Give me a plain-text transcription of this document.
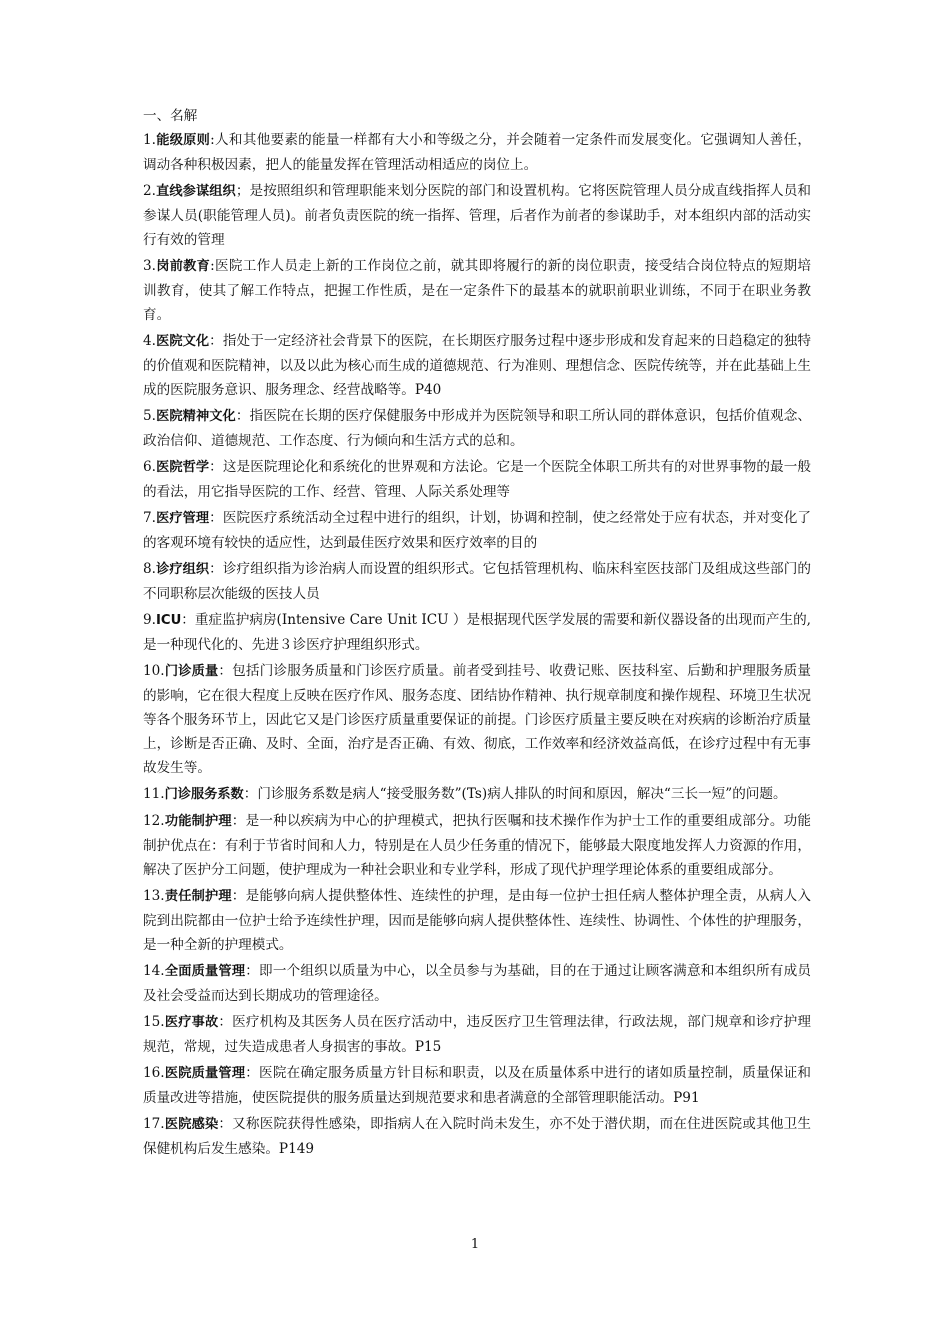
一、名解

1.能级原则:人和其他要素的能量一样都有大小和等级之分，并会随着一定条件而发展变化。它强调知人善任，调动各种积极因素，把人的能量发挥在管理活动相适应的岗位上。

2.直线参谋组织；是按照组织和管理职能来划分医院的部门和设置机构。它将医院管理人员分成直线指挥人员和参谋人员(职能管理人员)。前者负责医院的统一指挥、管理，后者作为前者的参谋助手，对本组织内部的活动实行有效的管理

3.岗前教育:医院工作人员走上新的工作岗位之前，就其即将履行的新的岗位职责，接受结合岗位特点的短期培训教育，使其了解工作特点，把握工作性质，是在一定条件下的最基本的就职前职业训练，不同于在职业务教育。

4.医院文化：指处于一定经济社会背景下的医院，在长期医疗服务过程中逐步形成和发育起来的日趋稳定的独特的价值观和医院精神，以及以此为核心而生成的道德规范、行为准则、理想信念、医院传统等，并在此基础上生成的医院服务意识、服务理念、经营战略等。P40

5.医院精神文化：指医院在长期的医疗保健服务中形成并为医院领导和职工所认同的群体意识，包括价值观念、政治信仰、道德规范、工作态度、行为倾向和生活方式的总和。

6.医院哲学：这是医院理论化和系统化的世界观和方法论。它是一个医院全体职工所共有的对世界事物的最一般的看法，用它指导医院的工作、经营、管理、人际关系处理等

7.医疗管理：医院医疗系统活动全过程中进行的组织，计划，协调和控制，使之经常处于应有状态，并对变化了的客观环境有较快的适应性，达到最佳医疗效果和医疗效率的目的

8.诊疗组织：诊疗组织指为诊治病人而设置的组织形式。它包括管理机构、临床科室医技部门及组成这些部门的不同职称层次能级的医技人员

9.ICU：重症监护病房(Intensive Care Unit ICU ）是根据现代医学发展的需要和新仪器设备的出现而产生的,是一种现代化的、先进３诊医疗护理组织形式。

10.门诊质量：包括门诊服务质量和门诊医疗质量。前者受到挂号、收费记账、医技科室、后勤和护理服务质量的影响，它在很大程度上反映在医疗作风、服务态度、团结协作精神、执行规章制度和操作规程、环境卫生状况等各个服务环节上，因此它又是门诊医疗质量重要保证的前提。门诊医疗质量主要反映在对疾病的诊断治疗质量上，诊断是否正确、及时、全面，治疗是否正确、有效、彻底，工作效率和经济效益高低，在诊疗过程中有无事故发生等。

11.门诊服务系数：门诊服务系数是病人“接受服务数”(Ts)病人排队的时间和原因，解决“三长一短”的问题。

12.功能制护理：是一种以疾病为中心的护理模式，把执行医嘱和技术操作作为护士工作的重要组成部分。功能制护优点在：有利于节省时间和人力，特别是在人员少任务重的情况下，能够最大限度地发挥人力资源的作用，解决了医护分工问题，使护理成为一种社会职业和专业学科，形成了现代护理学理论体系的重要组成部分。

13.责任制护理：是能够向病人提供整体性、连续性的护理，是由每一位护士担任病人整体护理全责，从病人入院到出院都由一位护士给予连续性护理，因而是能够向病人提供整体性、连续性、协调性、个体性的护理服务，是一种全新的护理模式。

14.全面质量管理：即一个组织以质量为中心，以全员参与为基础，目的在于通过让顾客满意和本组织所有成员及社会受益而达到长期成功的管理途径。

15.医疗事故：医疗机构及其医务人员在医疗活动中，违反医疗卫生管理法律，行政法规，部门规章和诊疗护理规范，常规，过失造成患者人身损害的事故。P15

16.医院质量管理：医院在确定服务质量方针目标和职责，以及在质量体系中进行的诸如质量控制，质量保证和质量改进等措施，使医院提供的服务质量达到规范要求和患者满意的全部管理职能活动。P91

17.医院感染：又称医院获得性感染，即指病人在入院时尚未发生，亦不处于潜伏期，而在住进医院或其他卫生保健机构后发生感染。P149

1
